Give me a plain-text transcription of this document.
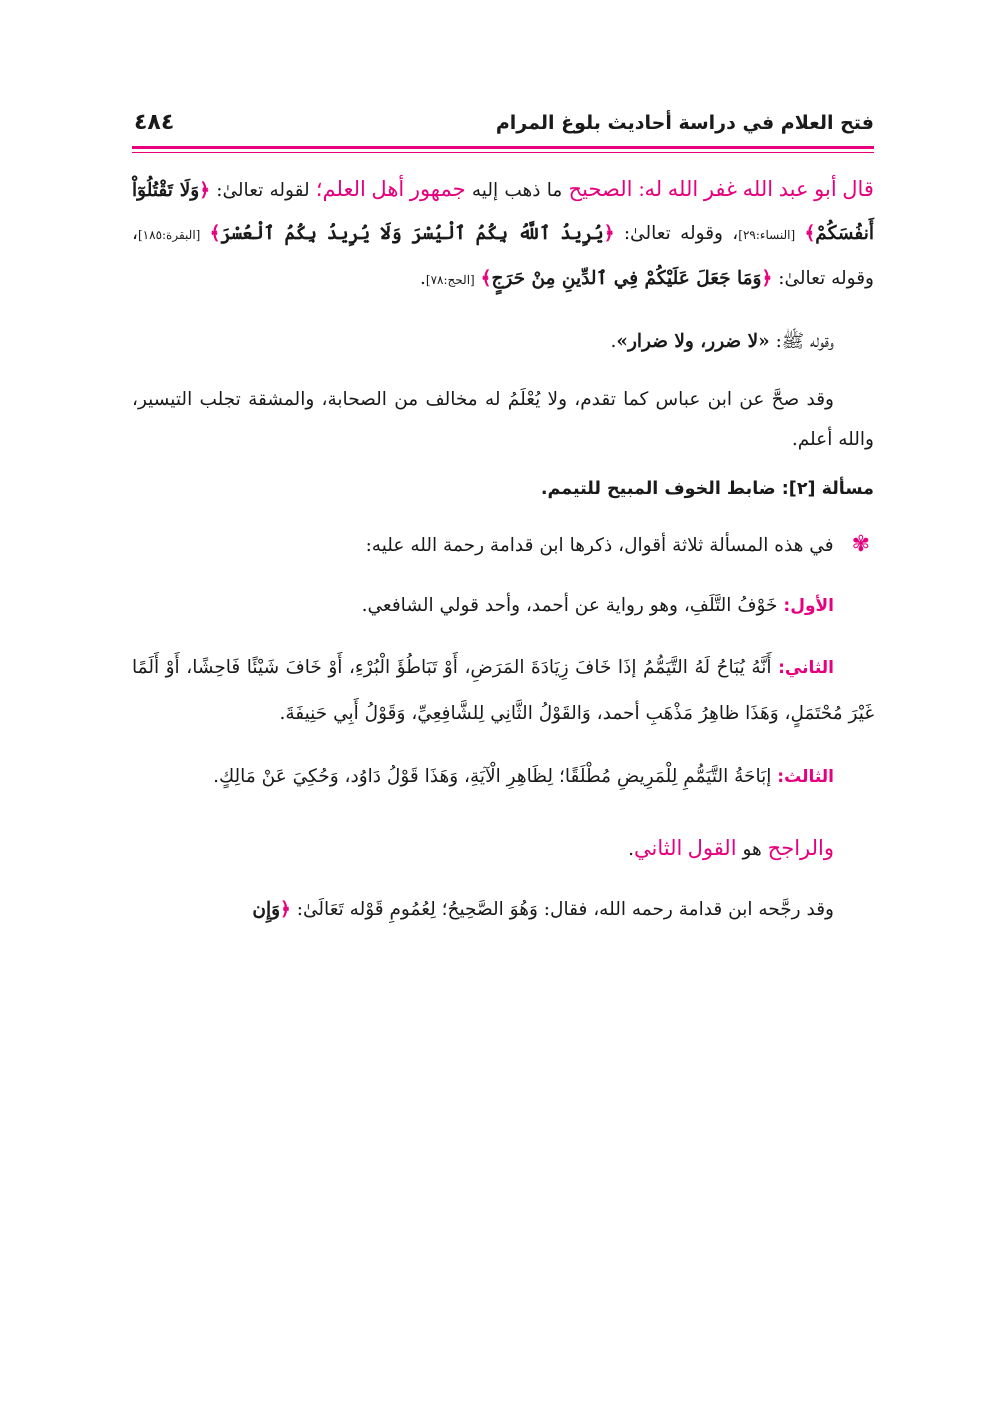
فتح العلام في دراسة أحاديث بلوغ المرام
٤٨٤

قال أبو عبد الله غفر الله له: الصحيح ما ذهب إليه جمهور أهل العلم؛ لقوله تعالىٰ: ﴿وَلَا تَقْتُلُوٓاْ أَنفُسَكُمْ﴾ [النساء:٢٩]، وقوله تعالىٰ: ﴿يُرِيدُ ٱللَّهُ بِكُمُ ٱلْيُسْرَ وَلَا يُرِيدُ بِكُمُ ٱلْعُسْرَ﴾ [البقرة:١٨٥]، وقوله تعالىٰ: ﴿وَمَا جَعَلَ عَلَيْكُمْ فِي ٱلدِّينِ مِنْ حَرَجٍ﴾ [الحج:٧٨].

وقوله ﷺ: «لا ضرر، ولا ضرار».

وقد صحَّ عن ابن عباس كما تقدم، ولا يُعْلَمُ له مخالف من الصحابة، والمشقة تجلب التيسير، والله أعلم.

مسألة [٢]: ضابط الخوف المبيح للتيمم.

✾في هذه المسألة ثلاثة أقوال، ذكرها ابن قدامة رحمة الله عليه:

الأول: خَوْفُ التَّلَفِ، وهو رواية عن أحمد، وأحد قولي الشافعي.

الثاني: أَنَّهُ يُبَاحُ لَهُ التَّيَمُّمُ إذَا خَافَ زِيَادَةَ المَرَضِ، أَوْ تَبَاطُؤَ الْبُرْءِ، أَوْ خَافَ شَيْئًا فَاحِشًا، أَوْ أَلَمًا غَيْرَ مُحْتَمَلٍ، وَهَذَا ظاهِرُ مَذْهَبِ أحمد، وَالقَوْلُ الثَّانِي لِلشَّافِعِيِّ، وَقَوْلُ أَبِي حَنِيفَةَ.

الثالث: إبَاحَةُ التَّيَمُّمِ لِلْمَرِيضِ مُطْلَقًا؛ لِظَاهِرِ الْآيَةِ، وَهَذَا قَوْلُ دَاوُد، وَحُكِيَ عَنْ مَالِكٍ.

والراجح هو القول الثاني.

وقد رجَّحه ابن قدامة رحمه الله، فقال: وَهُوَ الصَّحِيحُ؛ لِعُمُومِ قَوْله تَعَالَىٰ: ﴿وَإِن
